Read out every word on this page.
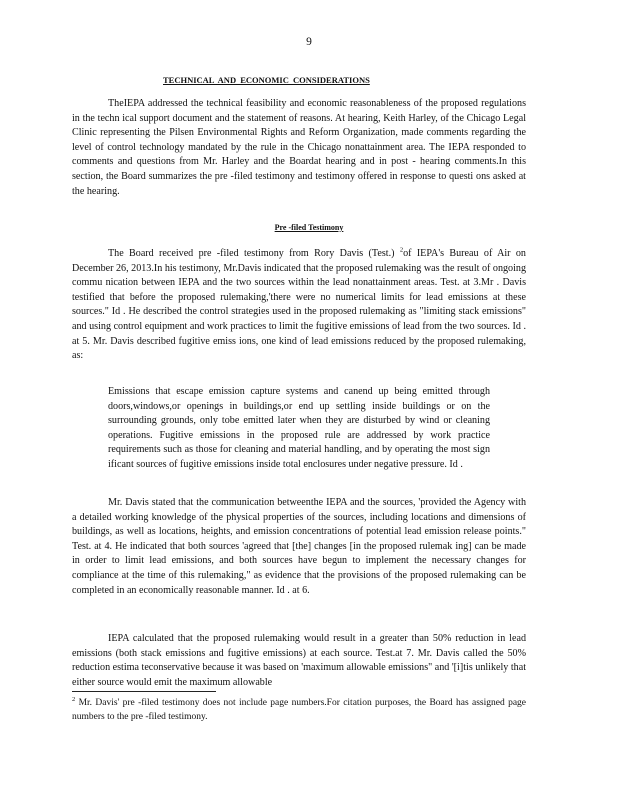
9
TECHNICAL AND ECONOMIC CONSIDERATIONS

TheIEPA addressed the technical feasibility and economic reasonableness of the proposed regulations in the techn ical support document and the statement of reasons. At hearing, Keith Harley, of the Chicago Legal Clinic representing the Pilsen Environmental Rights and Reform Organization, made comments regarding the level of control technology mandated by the rule in the Chicago nonattainment area. The IEPA responded to comments and questions from Mr. Harley and the Boardat hearing and in post - hearing comments.In this section, the Board summarizes the pre -filed testimony and testimony offered in response to questi ons asked at the hearing.

Pre -filed Testimony

The Board received pre -filed testimony from Rory Davis (Test.) $^2$of IEPA's Bureau of Air on December 26, 2013.In his testimony, Mr.Davis indicated that the proposed rulemaking was the result of ongoing commu nication between IEPA and the two sources within the lead nonattainment areas. Test. at 3.Mr . Davis testified that before the proposed rulemaking,'there were no numerical limits for lead emissions at these sources." Id . He described the control strategies used in the proposed rulemaking as "limiting stack emissions" and using control equipment and work practices to limit the fugitive emissions of lead from the two sources. Id . at 5. Mr. Davis described fugitive emiss ions, one kind of lead emissions reduced by the proposed rulemaking, as:

Emissions that escape emission capture systems and canend up being emitted through doors,windows,or openings in buildings,or end up settling inside buildings or on the surrounding grounds, only tobe emitted later when they are disturbed by wind or cleaning operations. Fugitive emissions in the proposed rule are addressed by work practice requirements such as those for cleaning and material handling, and by operating the most sign ificant sources of fugitive emissions inside total enclosures under negative pressure. Id .

Mr. Davis stated that the communication betweenthe IEPA and the sources, 'provided the Agency with a detailed working knowledge of the physical properties of the sources, including locations and dimensions of buildings, as well as locations, heights, and emission concentrations of potential lead emission release points." Test. at 4. He indicated that both sources 'agreed that [the] changes [in the proposed rulemak ing] can be made in order to limit lead emissions, and both sources have begun to implement the necessary changes for compliance at the time of this rulemaking," as evidence that the provisions of the proposed rulemaking can be completed in an economically reasonable manner. Id . at 6.

IEPA calculated that the proposed rulemaking would result in a greater than 50% reduction in lead emissions (both stack emissions and fugitive emissions) at each source. Test.at 7. Mr. Davis called the 50% reduction estima teconservative because it was based on 'maximum allowable emissions" and '[i]tis unlikely that either source would emit the maximum allowable

$^2$ Mr. Davis' pre -filed testimony does not include page numbers.For citation purposes, the Board has assigned page numbers to the pre -filed testimony.
